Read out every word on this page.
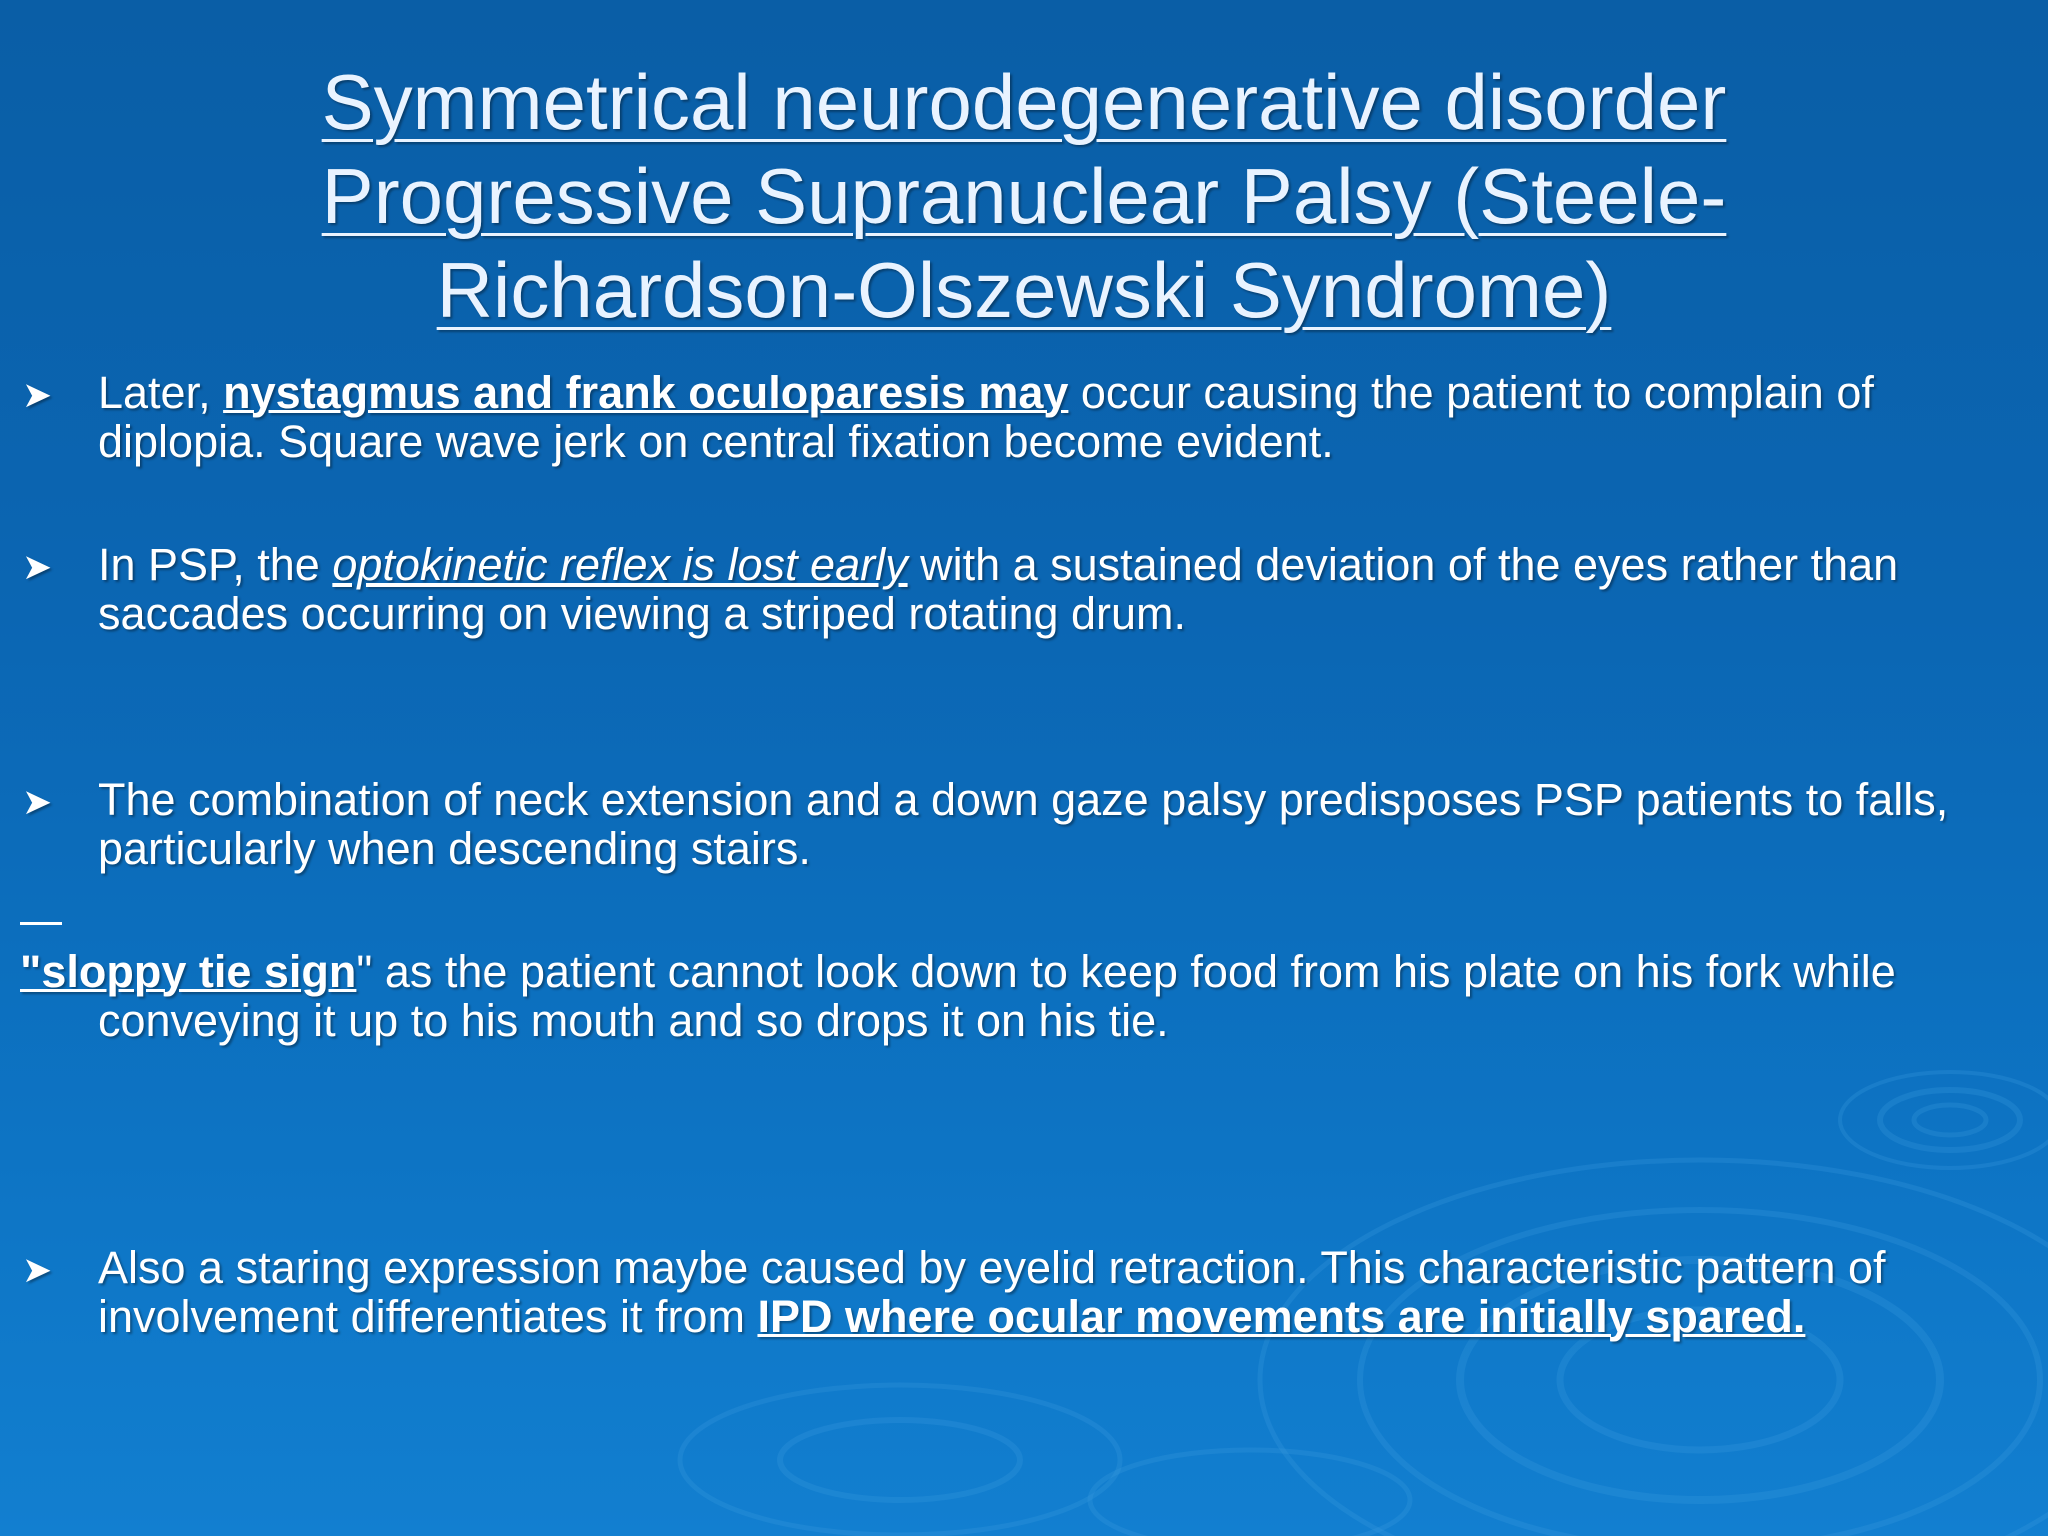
Symmetrical neurodegenerative disorder
Progressive Supranuclear Palsy (Steele-
Richardson-Olszewski Syndrome)
➤	Later, nystagmus and frank oculoparesis may occur causing the patient to complain of diplopia. Square wave jerk on central fixation become evident.
➤	In PSP, the optokinetic reflex is lost early with a sustained deviation of the eyes rather than saccades occurring on viewing a striped rotating drum.
➤	The combination of neck extension and a down gaze palsy predisposes PSP patients to falls, particularly when descending stairs.
"sloppy tie sign" as the patient cannot look down to keep food from his plate on his fork while conveying it up to his mouth and so drops it on his tie.
➤	Also a staring expression maybe caused by eyelid retraction. This characteristic pattern of involvement differentiates it from IPD where ocular movements are initially spared.
